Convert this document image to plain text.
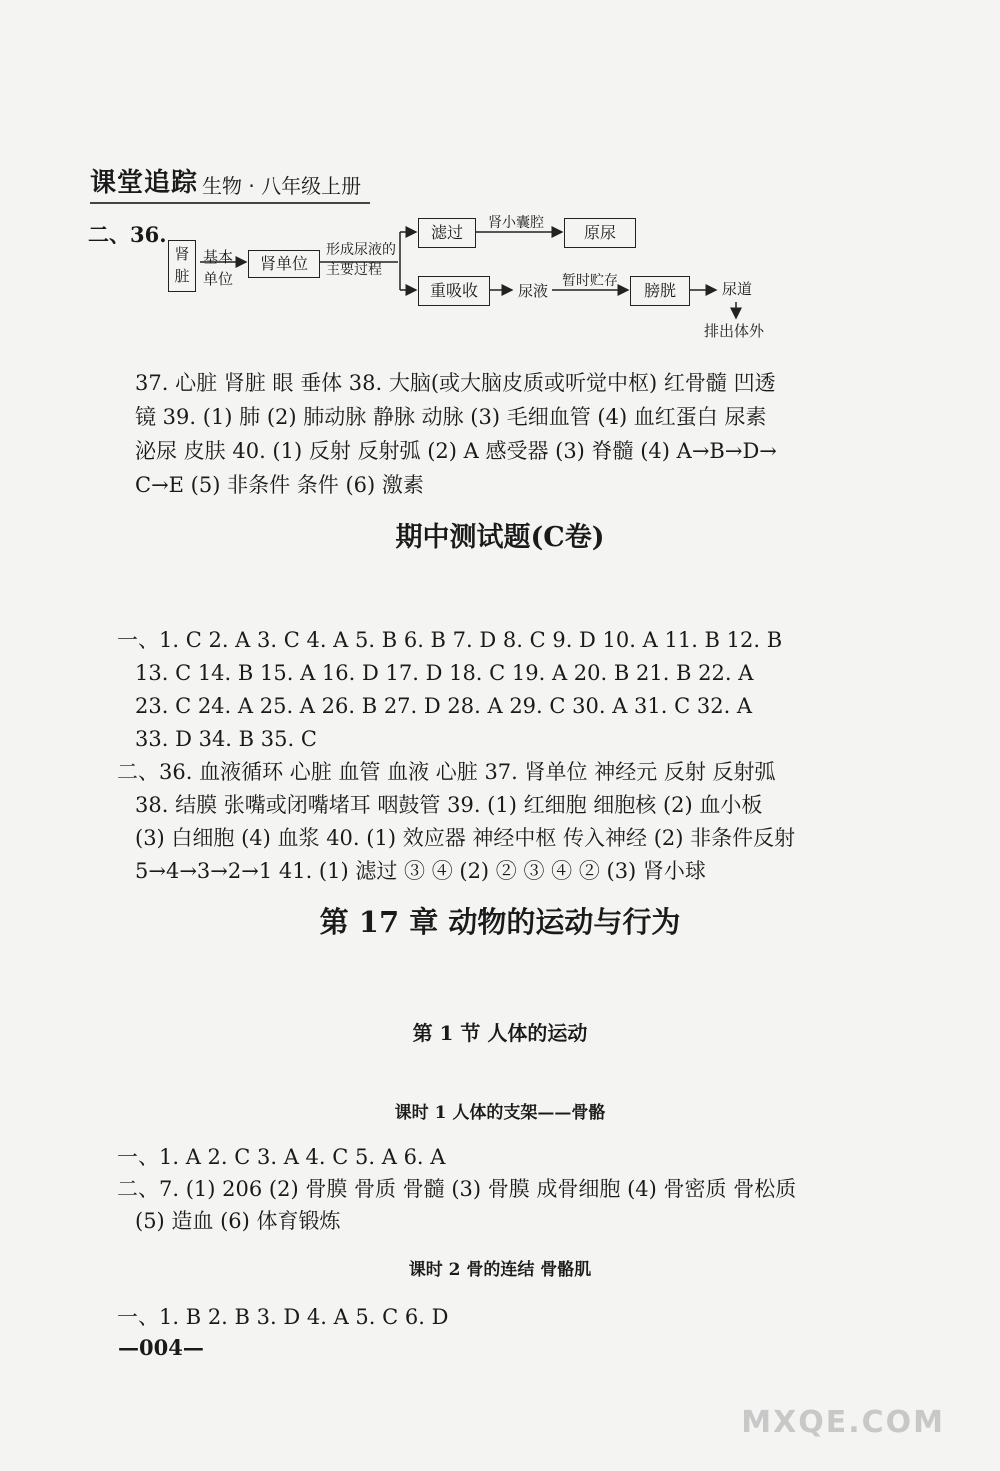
课堂追踪 生物 · 八年级上册
二、36.
肾脏
基本单位
肾单位
形成尿液的主要过程
滤过	肾小囊腔	原尿
重吸收	尿液
暂时贮存	膀胱	尿道
排出体外
37. 心脏 肾脏 眼 垂体 38. 大脑(或大脑皮质或听觉中枢) 红骨髓 凹透
镜 39. (1) 肺 (2) 肺动脉 静脉 动脉 (3) 毛细血管 (4) 血红蛋白 尿素
泌尿 皮肤 40. (1) 反射 反射弧 (2) A 感受器 (3) 脊髓 (4) A→B→D→
C→E (5) 非条件 条件 (6) 激素
期中测试题(C卷)
一、1. C 2. A 3. C 4. A 5. B 6. B 7. D 8. C 9. D 10. A 11. B 12. B
13. C 14. B 15. A 16. D 17. D 18. C 19. A 20. B 21. B 22. A
23. C 24. A 25. A 26. B 27. D 28. A 29. C 30. A 31. C 32. A
33. D 34. B 35. C
二、36. 血液循环 心脏 血管 血液 心脏 37. 肾单位 神经元 反射 反射弧
38. 结膜 张嘴或闭嘴堵耳 咽鼓管 39. (1) 红细胞 细胞核 (2) 血小板
(3) 白细胞 (4) 血浆 40. (1) 效应器 神经中枢 传入神经 (2) 非条件反射
5→4→3→2→1 41. (1) 滤过 ③ ④ (2) ② ③ ④ ② (3) 肾小球
第 17 章 动物的运动与行为
第 1 节 人体的运动
课时 1 人体的支架——骨骼
一、1. A 2. C 3. A 4. C 5. A 6. A
二、7. (1) 206 (2) 骨膜 骨质 骨髓 (3) 骨膜 成骨细胞 (4) 骨密质 骨松质
(5) 造血 (6) 体育锻炼
课时 2 骨的连结 骨骼肌
一、1. B 2. B 3. D 4. A 5. C 6. D
—004—
MXQE.COM
